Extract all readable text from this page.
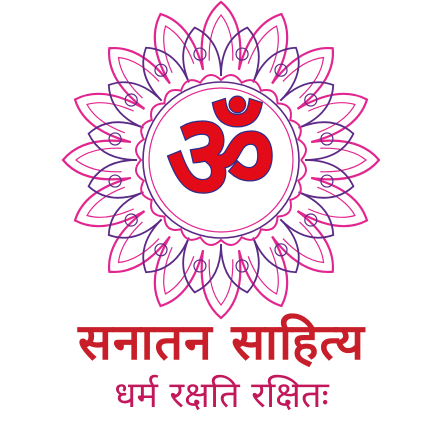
ॐ
सनातन साहित्य
धर्म रक्षति रक्षितः
